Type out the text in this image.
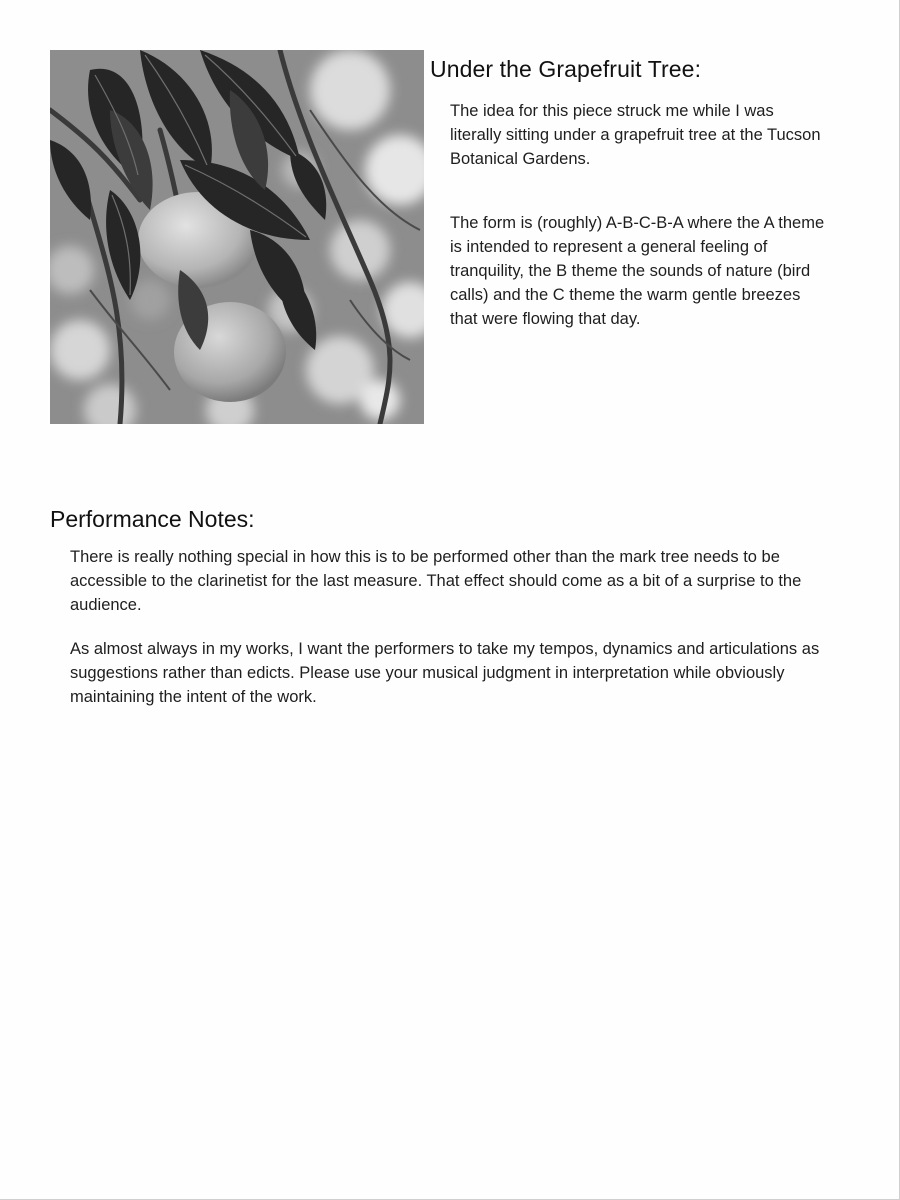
Under the Grapefruit Tree:

The idea for this piece struck me while I was literally sitting under a grapefruit tree at the Tucson Botanical Gardens.

The form is (roughly) A-B-C-B-A where the A theme is intended to represent a general feeling of tranquility, the B theme the sounds of nature (bird calls) and the C theme the warm gentle breezes that were flowing that day.

Performance Notes:

There is really nothing special in how this is to be performed other than the mark tree needs to be accessible to the clarinetist for the last measure. That effect should come as a bit of a surprise to the audience.

As almost always in my works, I want the performers to take my tempos, dynamics and articulations as suggestions rather than edicts. Please use your musical judgment in interpretation while obviously maintaining the intent of the work.
